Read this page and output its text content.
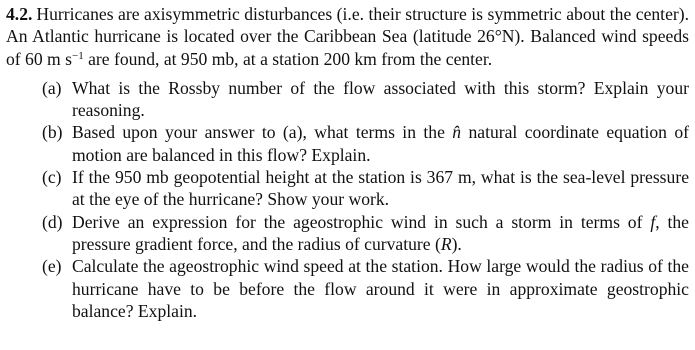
4.2. Hurricanes are axisymmetric disturbances (i.e. their structure is symmetric about the center). An Atlantic hurricane is located over the Caribbean Sea (latitude 26°N). Balanced wind speeds of 60 m $s^{-1}$ are found, at 950 mb, at a station 200 km from the center.

(a) What is the Rossby number of the flow associated with this storm? Explain your reasoning.
(b) Based upon your answer to (a), what terms in the n̂ natural coordinate equation of motion are balanced in this flow? Explain.
(c) If the 950 mb geopotential height at the station is 367 m, what is the sea-level pressure at the eye of the hurricane? Show your work.
(d) Derive an expression for the ageostrophic wind in such a storm in terms of f, the pressure gradient force, and the radius of curvature (R).
(e) Calculate the ageostrophic wind speed at the station. How large would the radius of the hurricane have to be before the flow around it were in approximate geostrophic balance? Explain.
